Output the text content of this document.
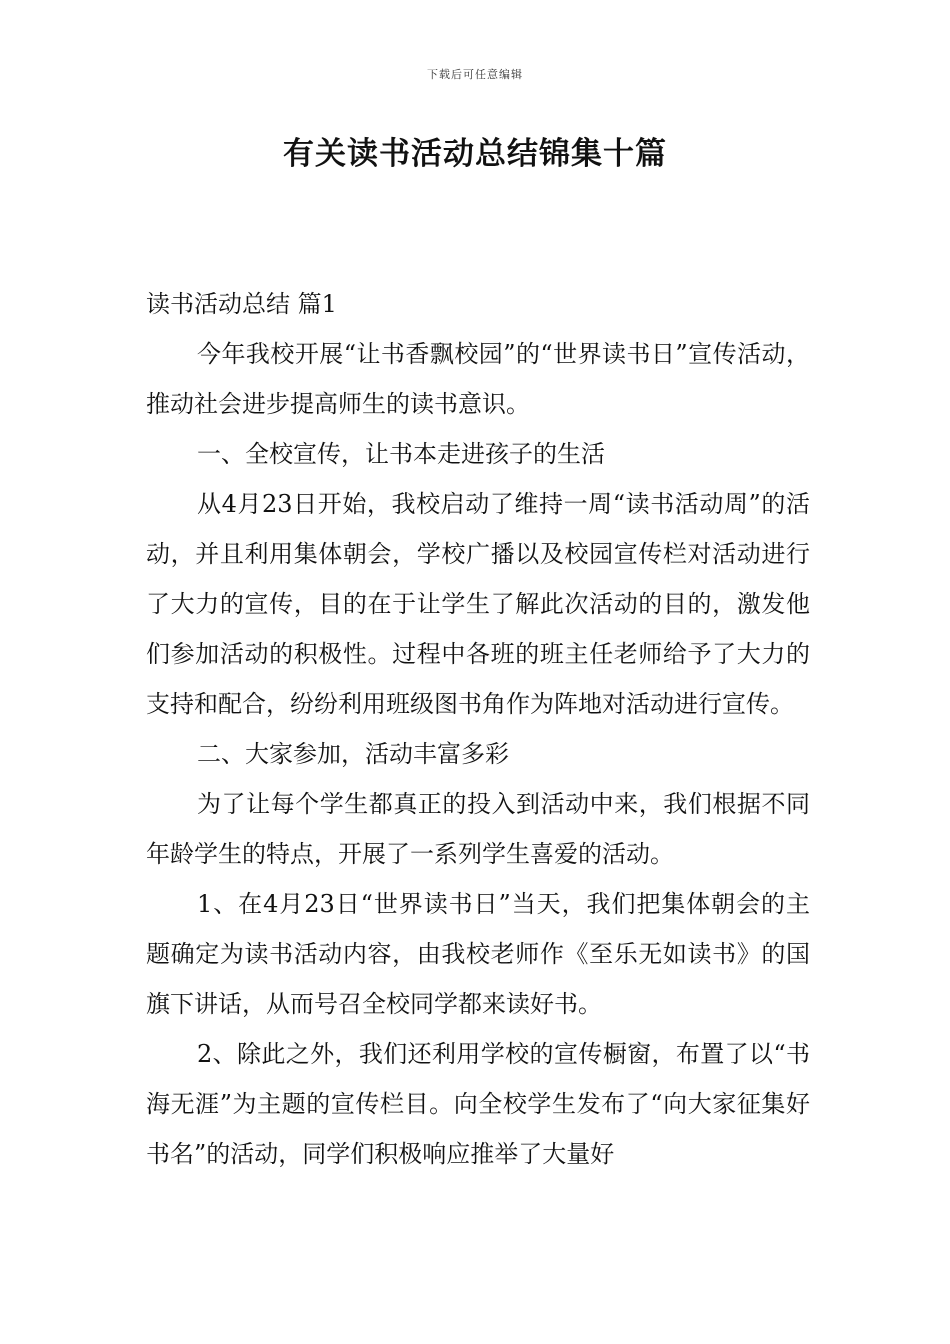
下载后可任意编辑
有关读书活动总结锦集十篇

读书活动总结 篇1

今年我校开展“让书香飘校园”的“世界读书日”宣传活动，推动社会进步提高师生的读书意识。

一、全校宣传，让书本走进孩子的生活

从4月23日开始，我校启动了维持一周“读书活动周”的活动，并且利用集体朝会，学校广播以及校园宣传栏对活动进行了大力的宣传，目的在于让学生了解此次活动的目的，激发他们参加活动的积极性。过程中各班的班主任老师给予了大力的支持和配合，纷纷利用班级图书角作为阵地对活动进行宣传。

二、大家参加，活动丰富多彩

为了让每个学生都真正的投入到活动中来，我们根据不同年龄学生的特点，开展了一系列学生喜爱的活动。

1、在4月23日“世界读书日”当天，我们把集体朝会的主题确定为读书活动内容，由我校老师作《至乐无如读书》的国旗下讲话，从而号召全校同学都来读好书。

2、除此之外，我们还利用学校的宣传橱窗，布置了以“书海无涯”为主题的宣传栏目。向全校学生发布了“向大家征集好书名”的活动，同学们积极响应推举了大量好
